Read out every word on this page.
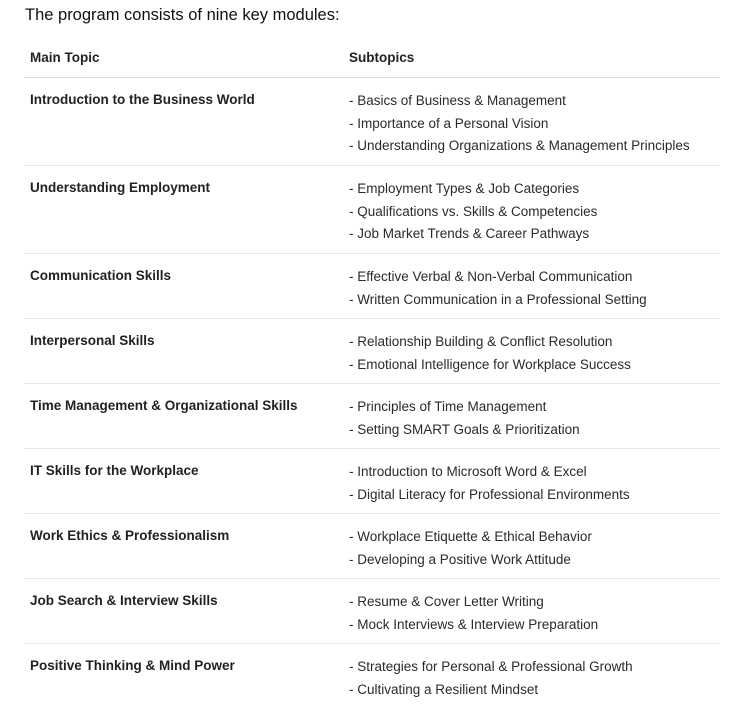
The program consists of nine key modules:
Main Topic	Subtopics
Introduction to the Business World	- Basics of Business & Management
- Importance of a Personal Vision
- Understanding Organizations & Management Principles
Understanding Employment	- Employment Types & Job Categories
- Qualifications vs. Skills & Competencies
- Job Market Trends & Career Pathways
Communication Skills	- Effective Verbal & Non-Verbal Communication
- Written Communication in a Professional Setting
Interpersonal Skills	- Relationship Building & Conflict Resolution
- Emotional Intelligence for Workplace Success
Time Management & Organizational Skills	- Principles of Time Management
- Setting SMART Goals & Prioritization
IT Skills for the Workplace	- Introduction to Microsoft Word & Excel
- Digital Literacy for Professional Environments
Work Ethics & Professionalism	- Workplace Etiquette & Ethical Behavior
- Developing a Positive Work Attitude
Job Search & Interview Skills	- Resume & Cover Letter Writing
- Mock Interviews & Interview Preparation
Positive Thinking & Mind Power	- Strategies for Personal & Professional Growth
- Cultivating a Resilient Mindset
